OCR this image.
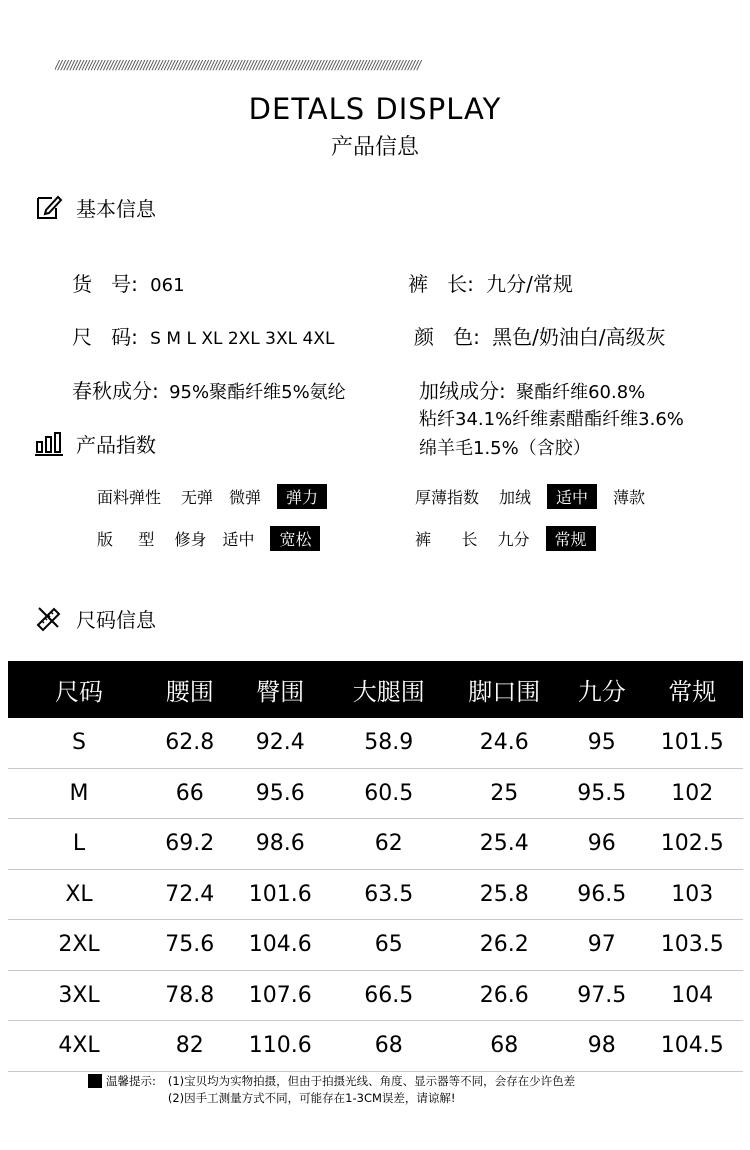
////////////////////////////////////////////////////////////////////////////////////////////////////////////////////////
DETALS DISPLAY
产品信息
基本信息
货   号: 061	裤   长: 九分/常规
尺   码: S M L XL 2XL 3XL 4XL	颜   色: 黑色/奶油白/高级灰
春秋成分: 95%聚酯纤维5%氨纶	加绒成分: 聚酯纤维60.8%
粘纤34.1%纤维素醋酯纤维3.6%
绵羊毛1.5%（含胶）
产品指数
面料弹性 无弹 微弹	弹力	厚薄指数 加绒	适中	薄款
版     型 修身 适中	宽松	裤      长 九分	常规
尺码信息
尺码	腰围	臀围	大腿围	脚口围	九分	常规
S	62.8	92.4	58.9	24.6	95	101.5
M	66	95.6	60.5	25	95.5	102
L	69.2	98.6	62	25.4	96	102.5
XL	72.4	101.6	63.5	25.8	96.5	103
2XL	75.6	104.6	65	26.2	97	103.5
3XL	78.8	107.6	66.5	26.6	97.5	104
4XL	82	110.6	68	68	98	104.5
温馨提示: (1)宝贝均为实物拍摄，但由于拍摄光线、角度、显示器等不同，会存在少许色差
(2)因手工测量方式不同，可能存在1-3CM误差，请谅解!
